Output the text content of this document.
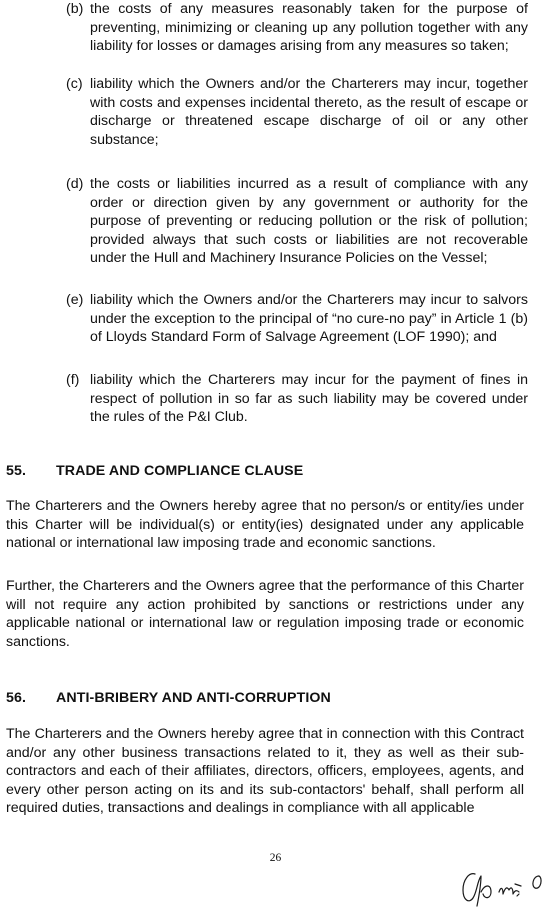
(b) the costs of any measures reasonably taken for the purpose of preventing, minimizing or cleaning up any pollution together with any liability for losses or damages arising from any measures so taken;
(c) liability which the Owners and/or the Charterers may incur, together with costs and expenses incidental thereto, as the result of escape or discharge or threatened escape discharge of oil or any other substance;
(d) the costs or liabilities incurred as a result of compliance with any order or direction given by any government or authority for the purpose of preventing or reducing pollution or the risk of pollution; provided always that such costs or liabilities are not recoverable under the Hull and Machinery Insurance Policies on the Vessel;
(e) liability which the Owners and/or the Charterers may incur to salvors under the exception to the principal of “no cure-no pay” in Article 1 (b) of Lloyds Standard Form of Salvage Agreement (LOF 1990); and
(f) liability which the Charterers may incur for the payment of fines in respect of pollution in so far as such liability may be covered under the rules of the P&I Club.
55. TRADE AND COMPLIANCE CLAUSE
The Charterers and the Owners hereby agree that no person/s or entity/ies under this Charter will be individual(s) or entity(ies) designated under any applicable national or international law imposing trade and economic sanctions.
Further, the Charterers and the Owners agree that the performance of this Charter will not require any action prohibited by sanctions or restrictions under any applicable national or international law or regulation imposing trade or economic sanctions.
56. ANTI-BRIBERY AND ANTI-CORRUPTION
The Charterers and the Owners hereby agree that in connection with this Contract and/or any other business transactions related to it, they as well as their sub-contractors and each of their affiliates, directors, officers, employees, agents, and every other person acting on its and its sub-contactors' behalf, shall perform all required duties, transactions and dealings in compliance with all applicable
26
